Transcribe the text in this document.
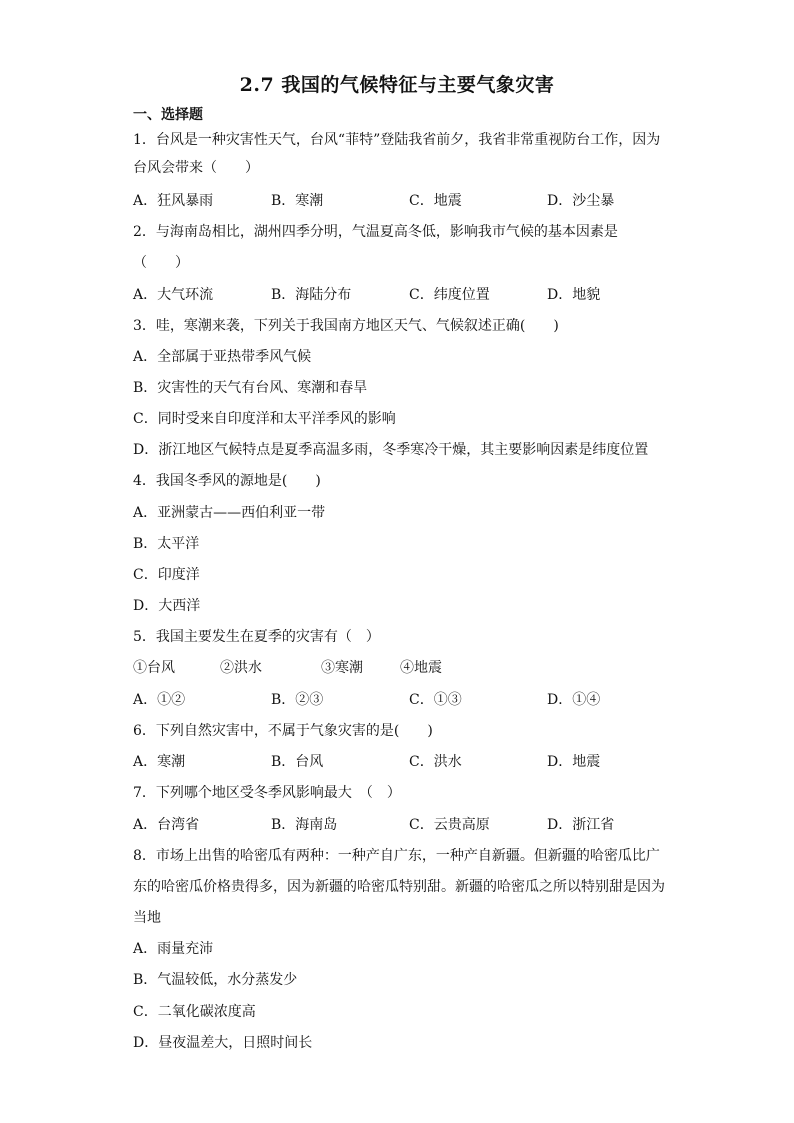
2.7 我国的气候特征与主要气象灾害
一、选择题
1．台风是一种灾害性天气，台风“菲特”登陆我省前夕，我省非常重视防台工作，因为
台风会带来（　　）
A．狂风暴雨	B．寒潮	C．地震	D．沙尘暴
2．与海南岛相比，湖州四季分明，气温夏高冬低，影响我市气候的基本因素是
（　　）
A．大气环流	B．海陆分布	C．纬度位置	D．地貌
3．哇，寒潮来袭，下列关于我国南方地区天气、气候叙述正确(　　)
A．全部属于亚热带季风气候
B．灾害性的天气有台风、寒潮和春旱
C．同时受来自印度洋和太平洋季风的影响
D．浙江地区气候特点是夏季高温多雨，冬季寒冷干燥，其主要影响因素是纬度位置
4．我国冬季风的源地是(　　)
A．亚洲蒙古——西伯利亚一带
B．太平洋
C．印度洋
D．大西洋
5．我国主要发生在夏季的灾害有（　）
①台风	②洪水	③寒潮	④地震
A．①②	B．②③	C．①③	D．①④
6．下列自然灾害中，不属于气象灾害的是(　　)
A．寒潮	B．台风	C．洪水	D．地震
7．下列哪个地区受冬季风影响最大　（　）
A．台湾省	B．海南岛	C．云贵高原	D．浙江省
8．市场上出售的哈密瓜有两种：一种产自广东，一种产自新疆。但新疆的哈密瓜比广
东的哈密瓜价格贵得多，因为新疆的哈密瓜特别甜。新疆的哈密瓜之所以特别甜是因为
当地
A．雨量充沛
B．气温较低，水分蒸发少
C．二氧化碳浓度高
D．昼夜温差大，日照时间长
